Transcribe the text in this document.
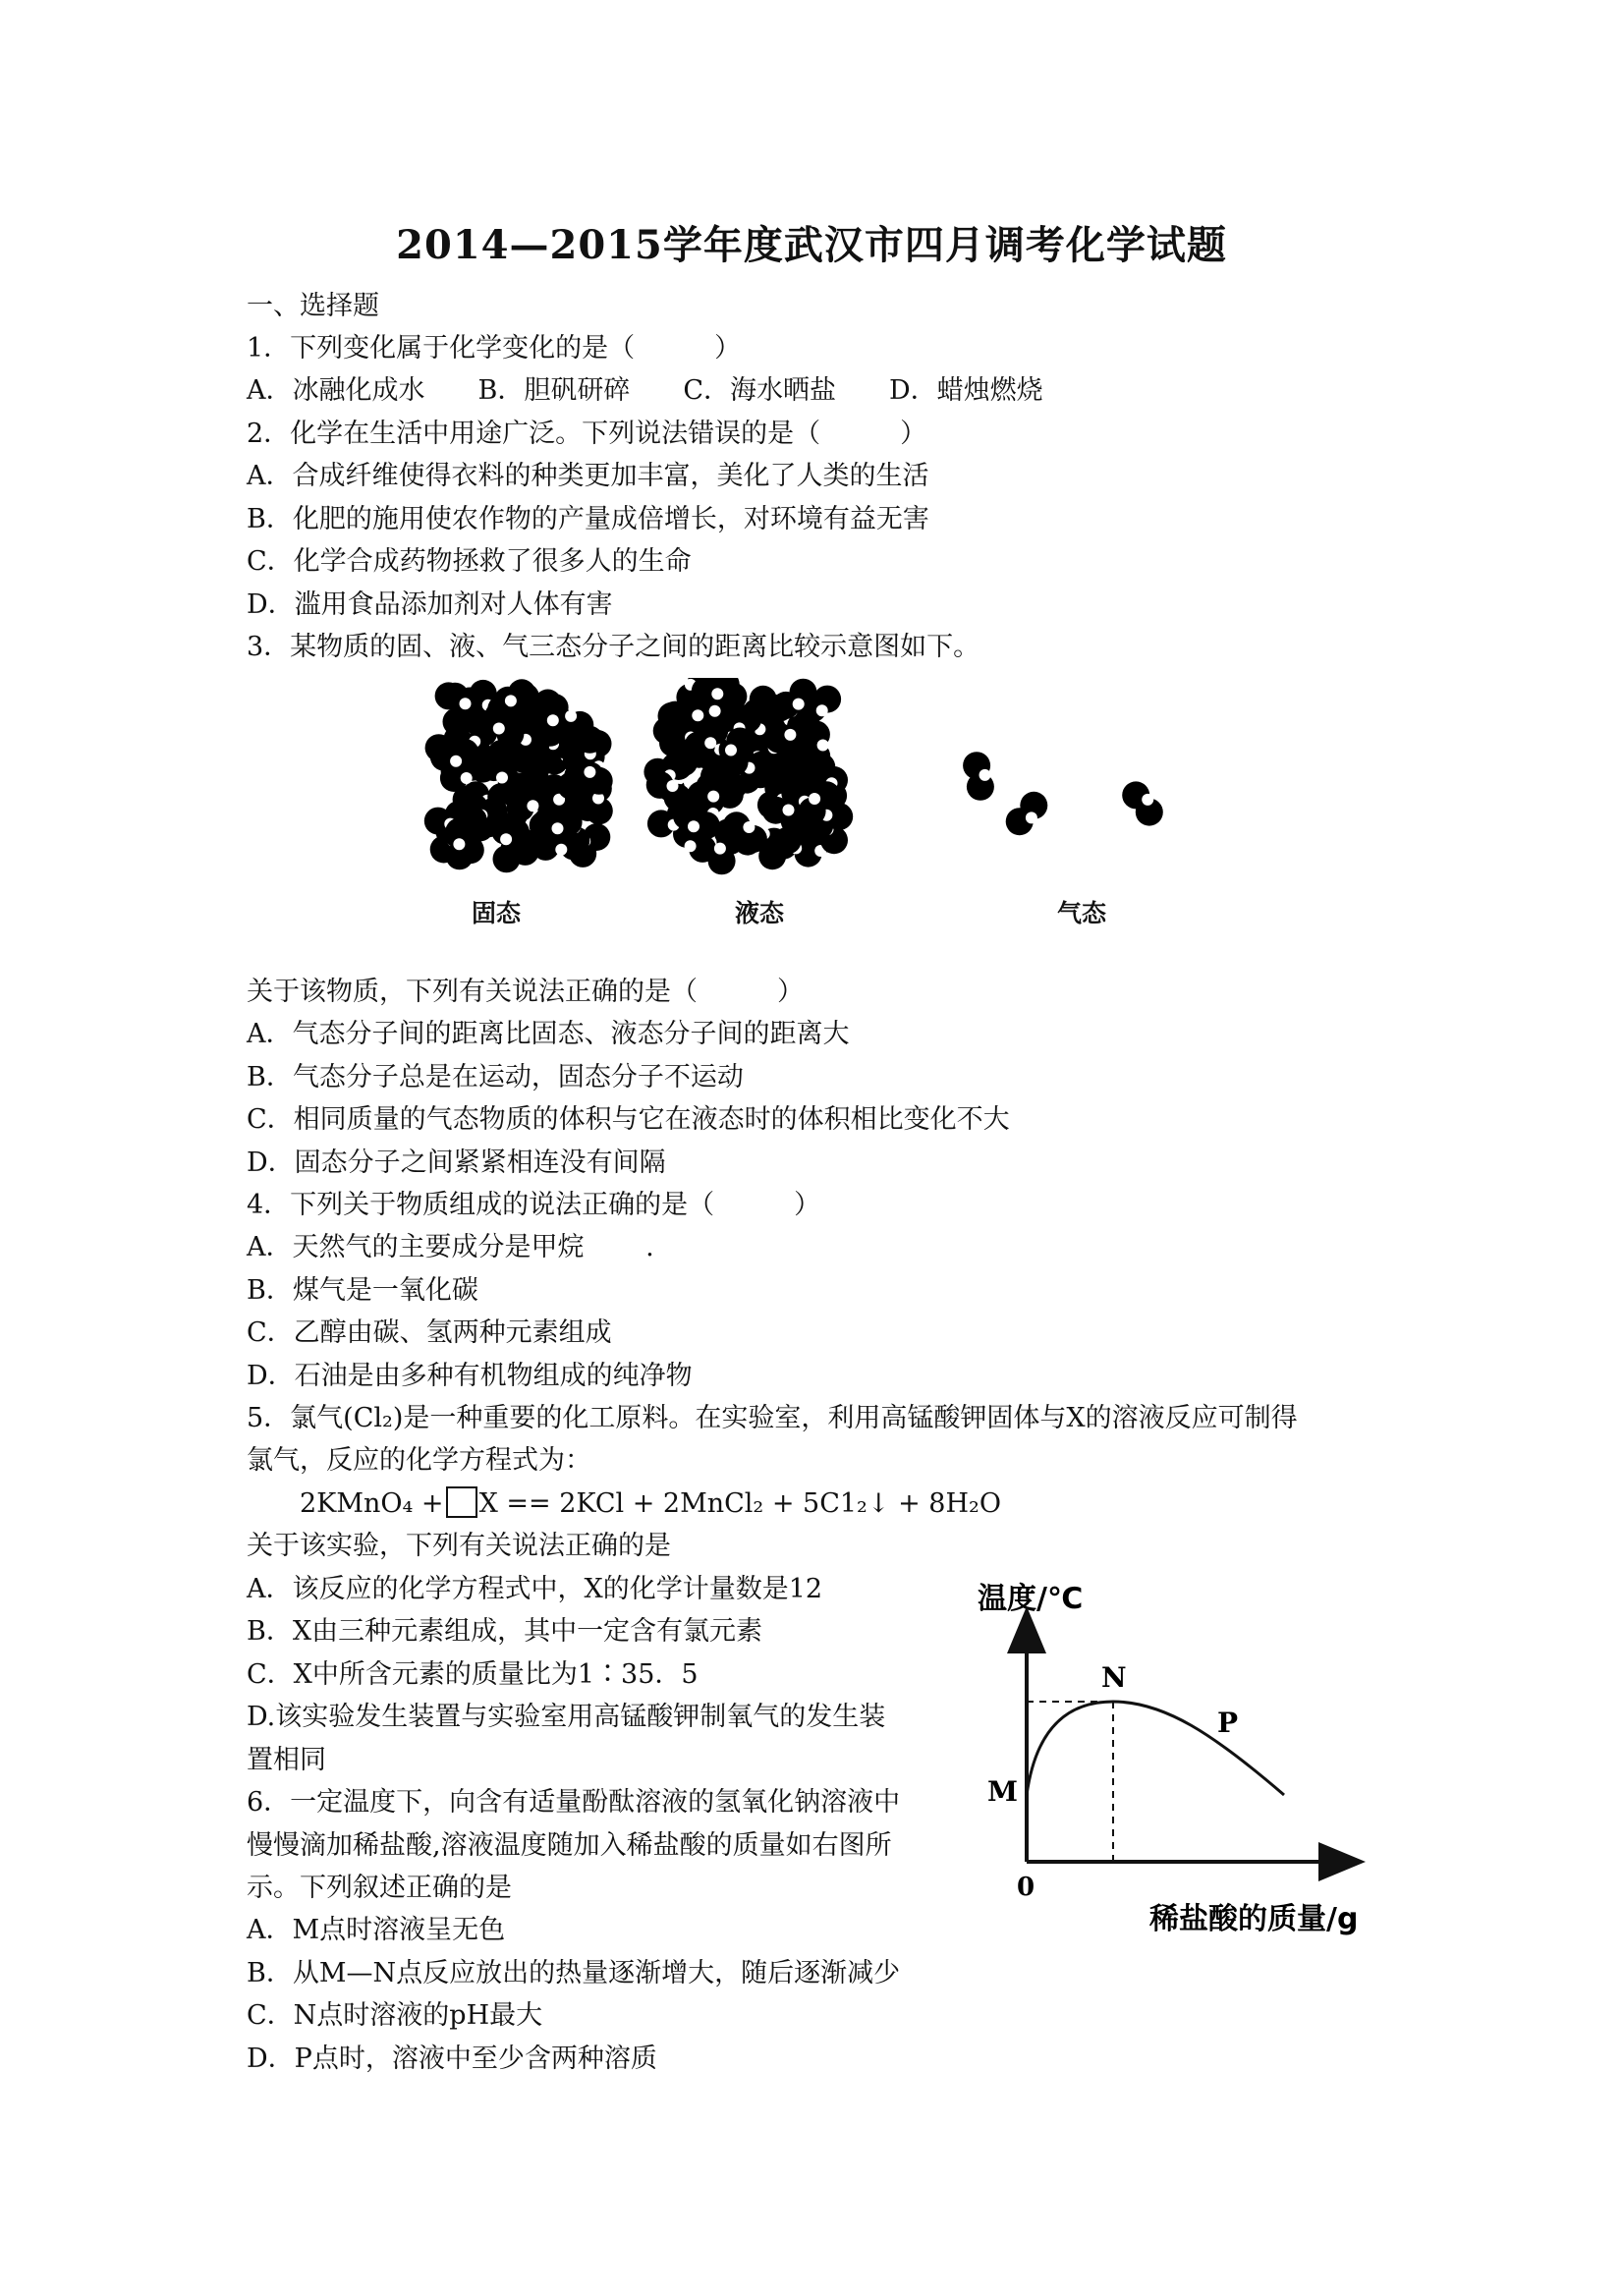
2014—2015学年度武汉市四月调考化学试题
一、选择题
1．下列变化属于化学变化的是（　　　）
A．冰融化成水　　B．胆矾研碎　　C．海水晒盐　　D．蜡烛燃烧
2．化学在生活中用途广泛。下列说法错误的是（　　　）
A．合成纤维使得衣料的种类更加丰富，美化了人类的生活
B．化肥的施用使农作物的产量成倍增长，对环境有益无害
C．化学合成药物拯救了很多人的生命
D．滥用食品添加剂对人体有害
3．某物质的固、液、气三态分子之间的距离比较示意图如下。
固态	液态	气态
关于该物质，下列有关说法正确的是（　　　）
A．气态分子间的距离比固态、液态分子间的距离大
B．气态分子总是在运动，固态分子不运动
C．相同质量的气态物质的体积与它在液态时的体积相比变化不大
D．固态分子之间紧紧相连没有间隔
4．下列关于物质组成的说法正确的是（　　　）
A．天然气的主要成分是甲烷　　 .
B．煤气是一氧化碳
C．乙醇由碳、氢两种元素组成
D．石油是由多种有机物组成的纯净物
5．氯气(Cl₂)是一种重要的化工原料。在实验室，利用高锰酸钾固体与X的溶液反应可制得
氯气，反应的化学方程式为：
2KMnO₄ + X == 2KCl + 2MnCl₂ + 5C1₂↓ + 8H₂O
关于该实验，下列有关说法正确的是
A．该反应的化学方程式中，X的化学计量数是12
B．X由三种元素组成，其中一定含有氯元素
C．X中所含元素的质量比为1∶35．5
D.该实验发生装置与实验室用高锰酸钾制氧气的发生装
置相同
6．一定温度下，向含有适量酚酞溶液的氢氧化钠溶液中
慢慢滴加稀盐酸,溶液温度随加入稀盐酸的质量如右图所
示。下列叙述正确的是
A．M点时溶液呈无色
B．从M—N点反应放出的热量逐渐增大，随后逐渐减少
C．N点时溶液的pH最大
D．P点时，溶液中至少含两种溶质
温度/℃
M
N
P
0
稀盐酸的质量/g
